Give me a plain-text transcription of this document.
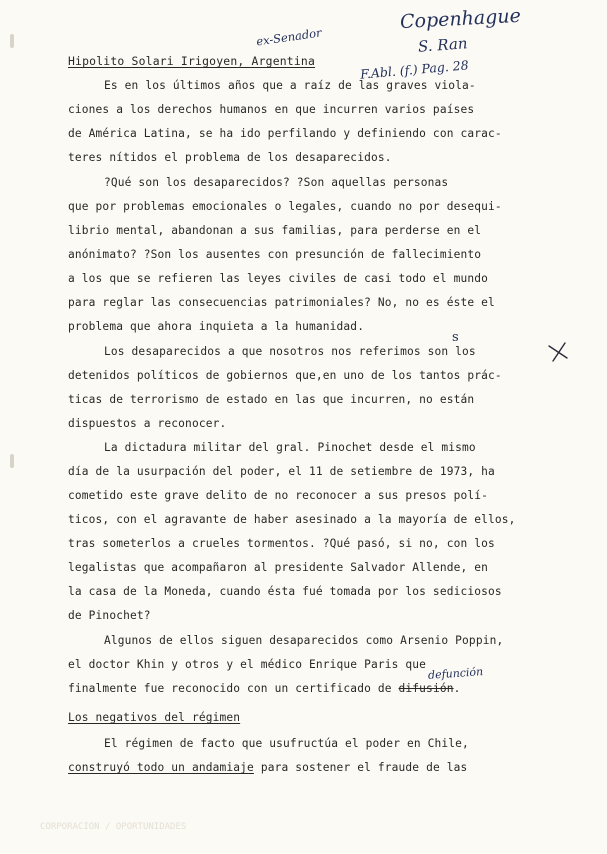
Copenhague
S. Ran
F.Abl. (f.) Pag. 28
ex-Senador
Hipolito Solari Irigoyen, Argentina
Es en los últimos años que a raíz de las graves viola-
ciones a los derechos humanos en que incurren varios países
de América Latina, se ha ido perfilando y definiendo con carac-
teres nítidos el problema de los desaparecidos.
?Qué son los desaparecidos? ?Son aquellas personas
que por problemas emocionales o legales, cuando no por desequi-
librio mental, abandonan a sus familias, para perderse en el
anónimato? ?Son los ausentes con presunción de fallecimiento
a los que se refieren las leyes civiles de casi todo el mundo
para reglar las consecuencias patrimoniales? No, no es éste el
problema que ahora inquieta a la humanidad.
s
Los desaparecidos a que nosotros nos referimos son los
detenidos políticos de gobiernos que,en uno de los tantos prác-
ticas de terrorismo de estado en las que incurren, no están
dispuestos a reconocer.
La dictadura militar del gral. Pinochet desde el mismo
día de la usurpación del poder, el 11 de setiembre de 1973, ha
cometido este grave delito de no reconocer a sus presos polí-
ticos, con el agravante de haber asesinado a la mayoría de ellos,
tras someterlos a crueles tormentos. ?Qué pasó, si no, con los
legalistas que acompañaron al presidente Salvador Allende, en
la casa de la Moneda, cuando ésta fué tomada por los sediciosos
de Pinochet?
Algunos de ellos siguen desaparecidos como Arsenio Poppin,
el doctor Khin y otros y el médico Enrique Paris que
finalmente fue reconocido con un certificado de difusión.
defunción
Los negativos del régimen
El régimen de facto que usufructúa el poder en Chile,
construyó todo un andamiaje para sostener el fraude de las
CORPORACION / OPORTUNIDADES
